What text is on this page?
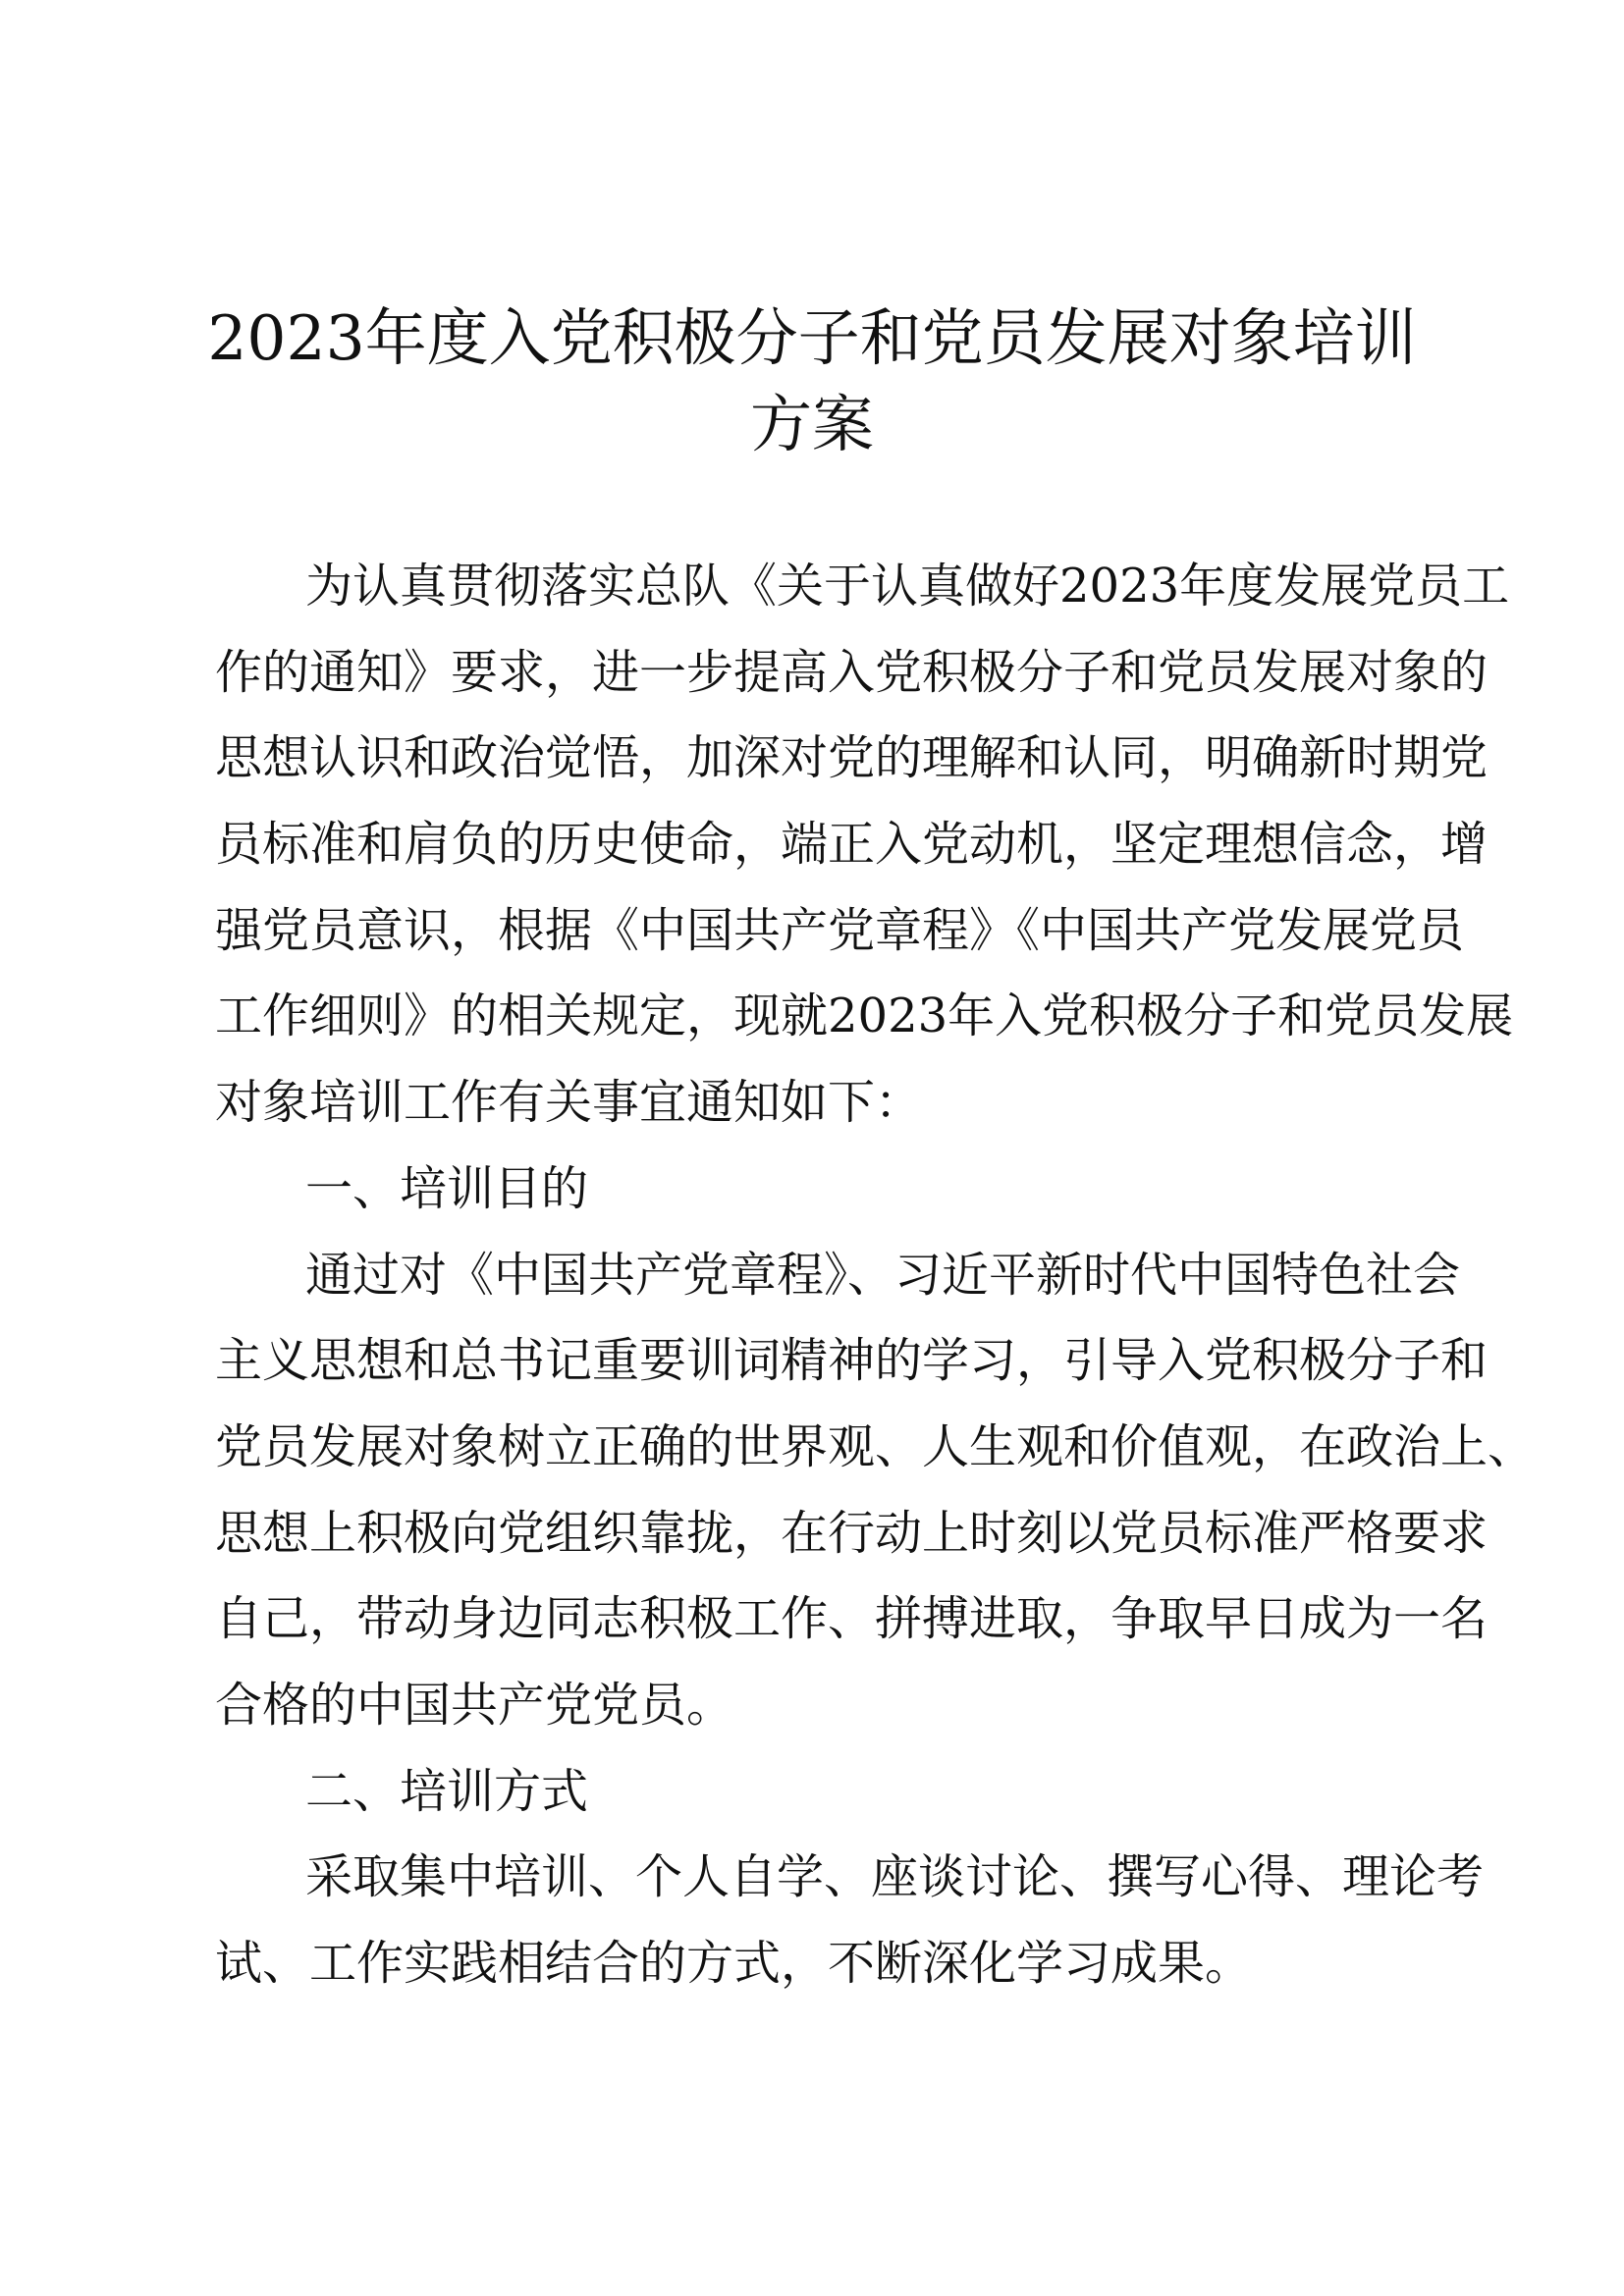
2023年度入党积极分子和党员发展对象培训
方案
为认真贯彻落实总队《关于认真做好2023年度发展党员工
作的通知》要求，进一步提高入党积极分子和党员发展对象的
思想认识和政治觉悟，加深对党的理解和认同，明确新时期党
员标准和肩负的历史使命，端正入党动机，坚定理想信念，增
强党员意识，根据《中国共产党章程》《中国共产党发展党员
工作细则》的相关规定，现就2023年入党积极分子和党员发展
对象培训工作有关事宜通知如下：
一、培训目的
通过对《中国共产党章程》、习近平新时代中国特色社会
主义思想和总书记重要训词精神的学习，引导入党积极分子和
党员发展对象树立正确的世界观、人生观和价值观，在政治上、
思想上积极向党组织靠拢，在行动上时刻以党员标准严格要求
自己，带动身边同志积极工作、拼搏进取，争取早日成为一名
合格的中国共产党党员。
二、培训方式
采取集中培训、个人自学、座谈讨论、撰写心得、理论考
试、工作实践相结合的方式，不断深化学习成果。
